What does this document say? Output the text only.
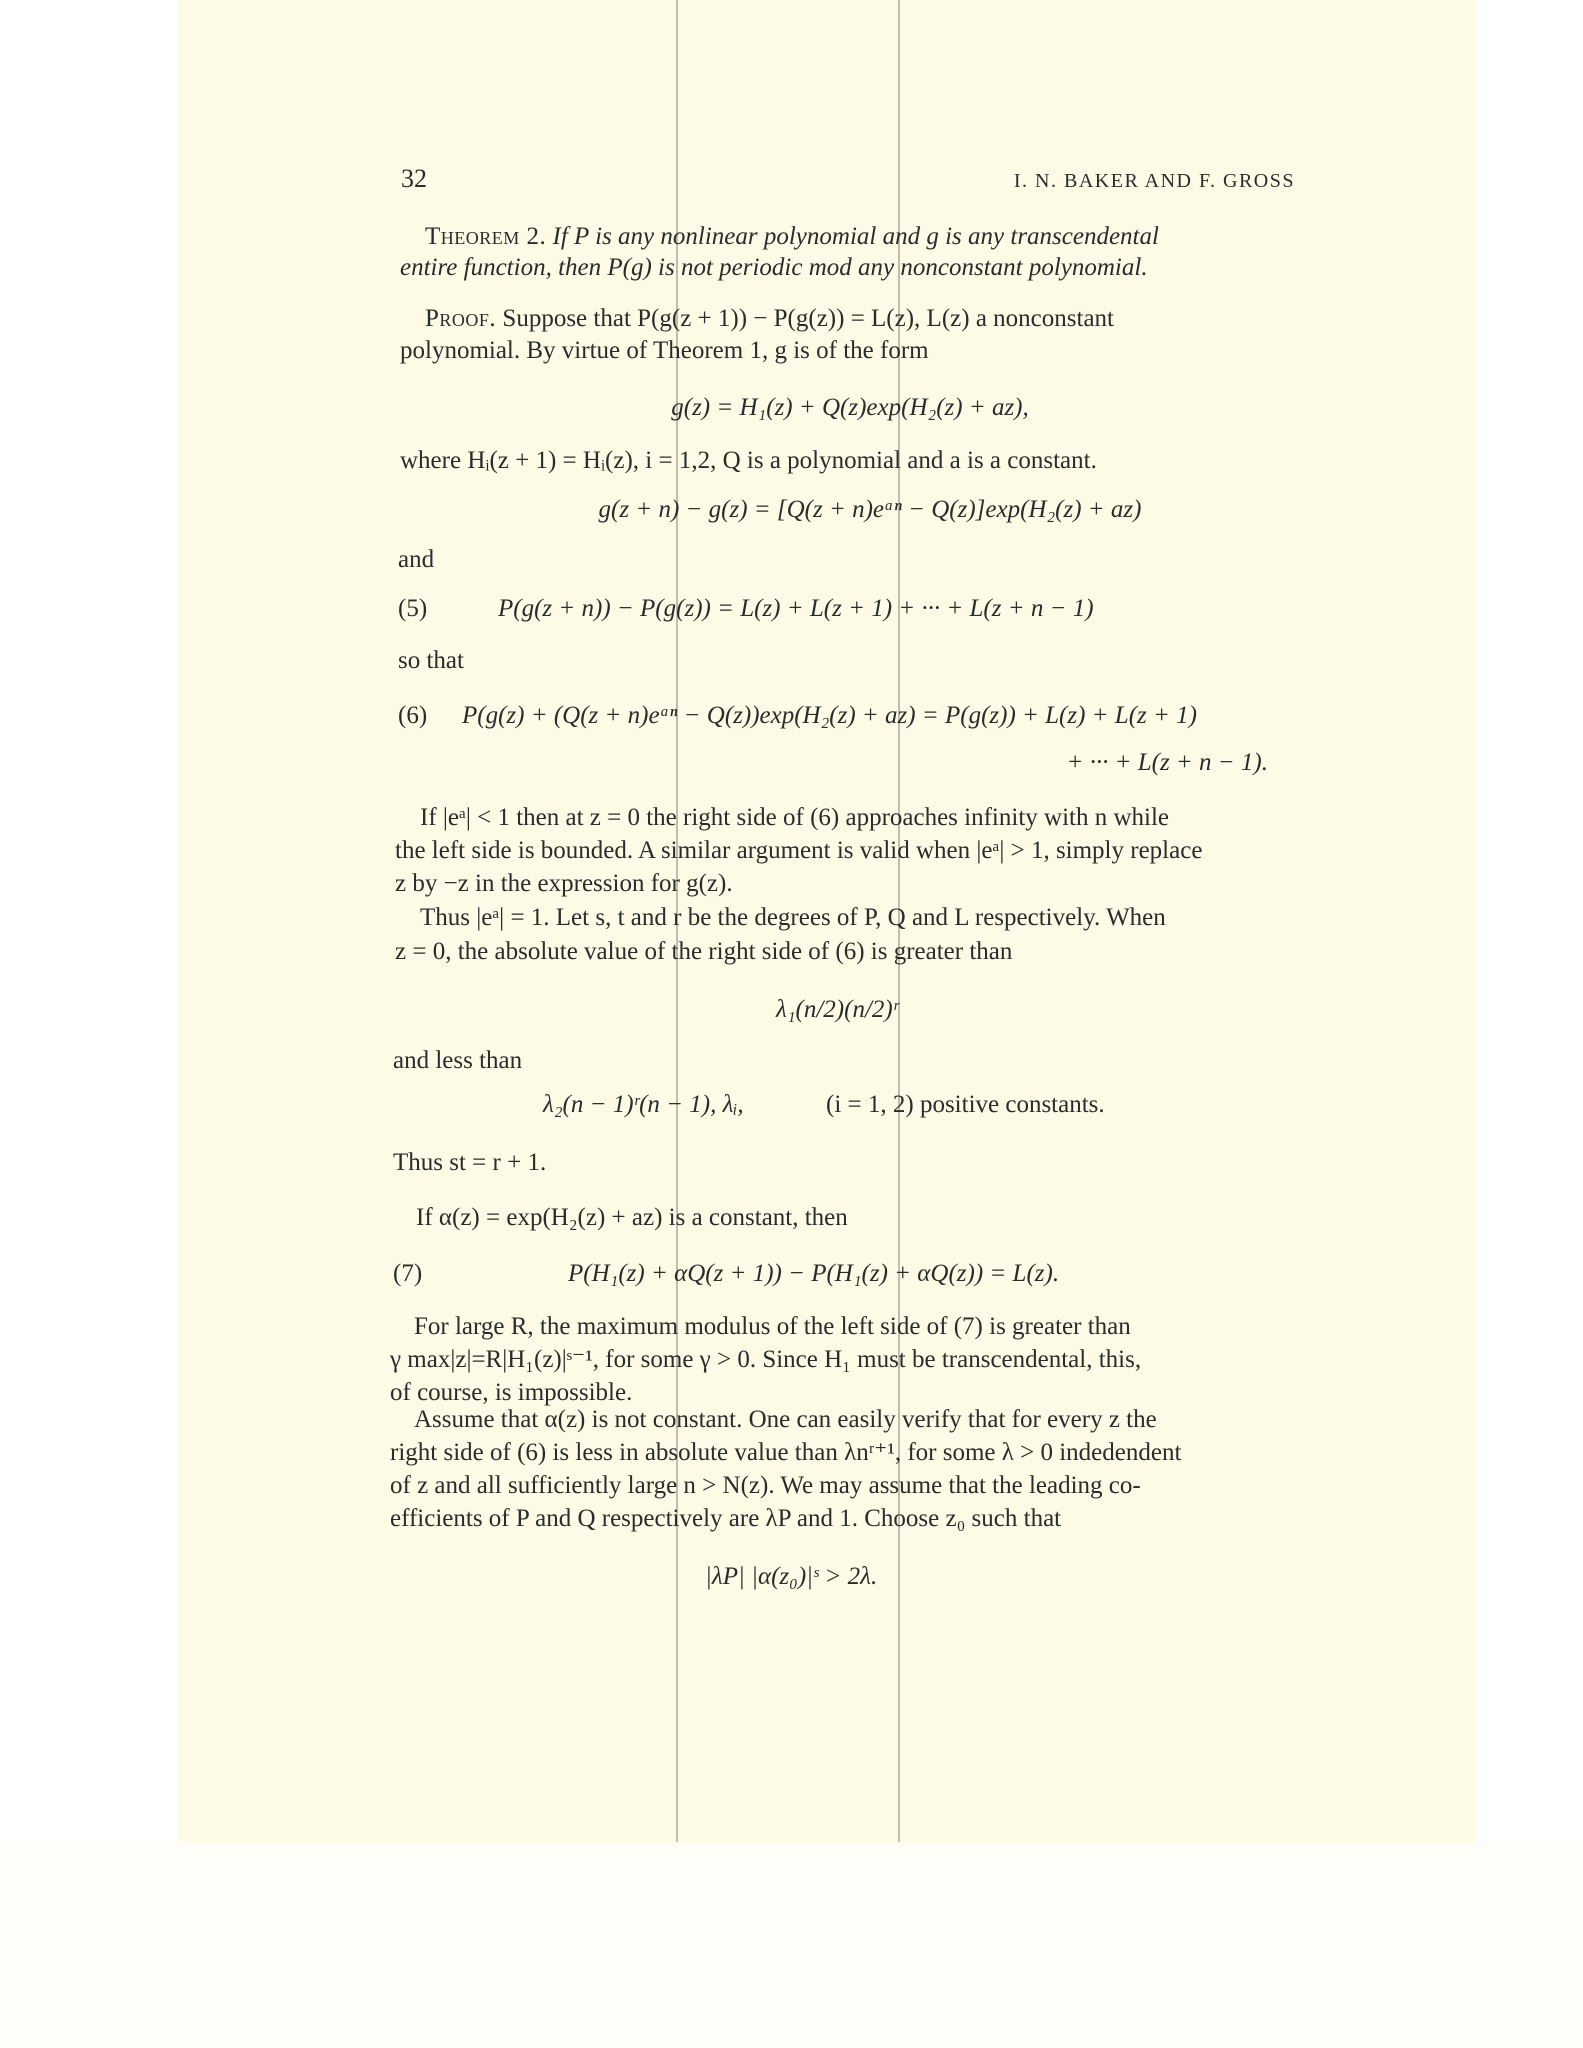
32	I. N. BAKER AND F. GROSS
Theorem 2. If P is any nonlinear polynomial and g is any transcendental
entire function, then P(g) is not periodic mod any nonconstant polynomial.
Proof. Suppose that P(g(z + 1)) − P(g(z)) = L(z), L(z) a nonconstant
polynomial. By virtue of Theorem 1, g is of the form
g(z) = H₁(z) + Q(z)exp(H₂(z) + az),
where Hᵢ(z + 1) = Hᵢ(z), i = 1,2, Q is a polynomial and a is a constant.
g(z + n) − g(z) = [Q(z + n)eᵃⁿ − Q(z)]exp(H₂(z) + az)
and
(5)	P(g(z + n)) − P(g(z)) = L(z) + L(z + 1) + ··· + L(z + n − 1)
so that
(6) P(g(z) + (Q(z + n)eᵃⁿ − Q(z))exp(H₂(z) + az) = P(g(z)) + L(z) + L(z + 1)
+ ··· + L(z + n − 1).
If |eᵃ| < 1 then at z = 0 the right side of (6) approaches infinity with n while
the left side is bounded. A similar argument is valid when |eᵃ| > 1, simply replace
z by −z in the expression for g(z).
Thus |eᵃ| = 1. Let s, t and r be the degrees of P, Q and L respectively. When
z = 0, the absolute value of the right side of (6) is greater than
λ₁(n/2)(n/2)ʳ
and less than
λ₂(n − 1)ʳ(n − 1), λᵢ,	(i = 1, 2) positive constants.
Thus st = r + 1.
If α(z) = exp(H₂(z) + az) is a constant, then
(7)	P(H₁(z) + αQ(z + 1)) − P(H₁(z) + αQ(z)) = L(z).
For large R, the maximum modulus of the left side of (7) is greater than
γ max|z|=R|H₁(z)|ˢ⁻¹, for some γ > 0. Since H₁ must be transcendental, this,
of course, is impossible.
Assume that α(z) is not constant. One can easily verify that for every z the
right side of (6) is less in absolute value than λnʳ⁺¹, for some λ > 0 indedendent
of z and all sufficiently large n > N(z). We may assume that the leading co-
efficients of P and Q respectively are λP and 1. Choose z₀ such that
|λP| |α(z₀)|ˢ > 2λ.
